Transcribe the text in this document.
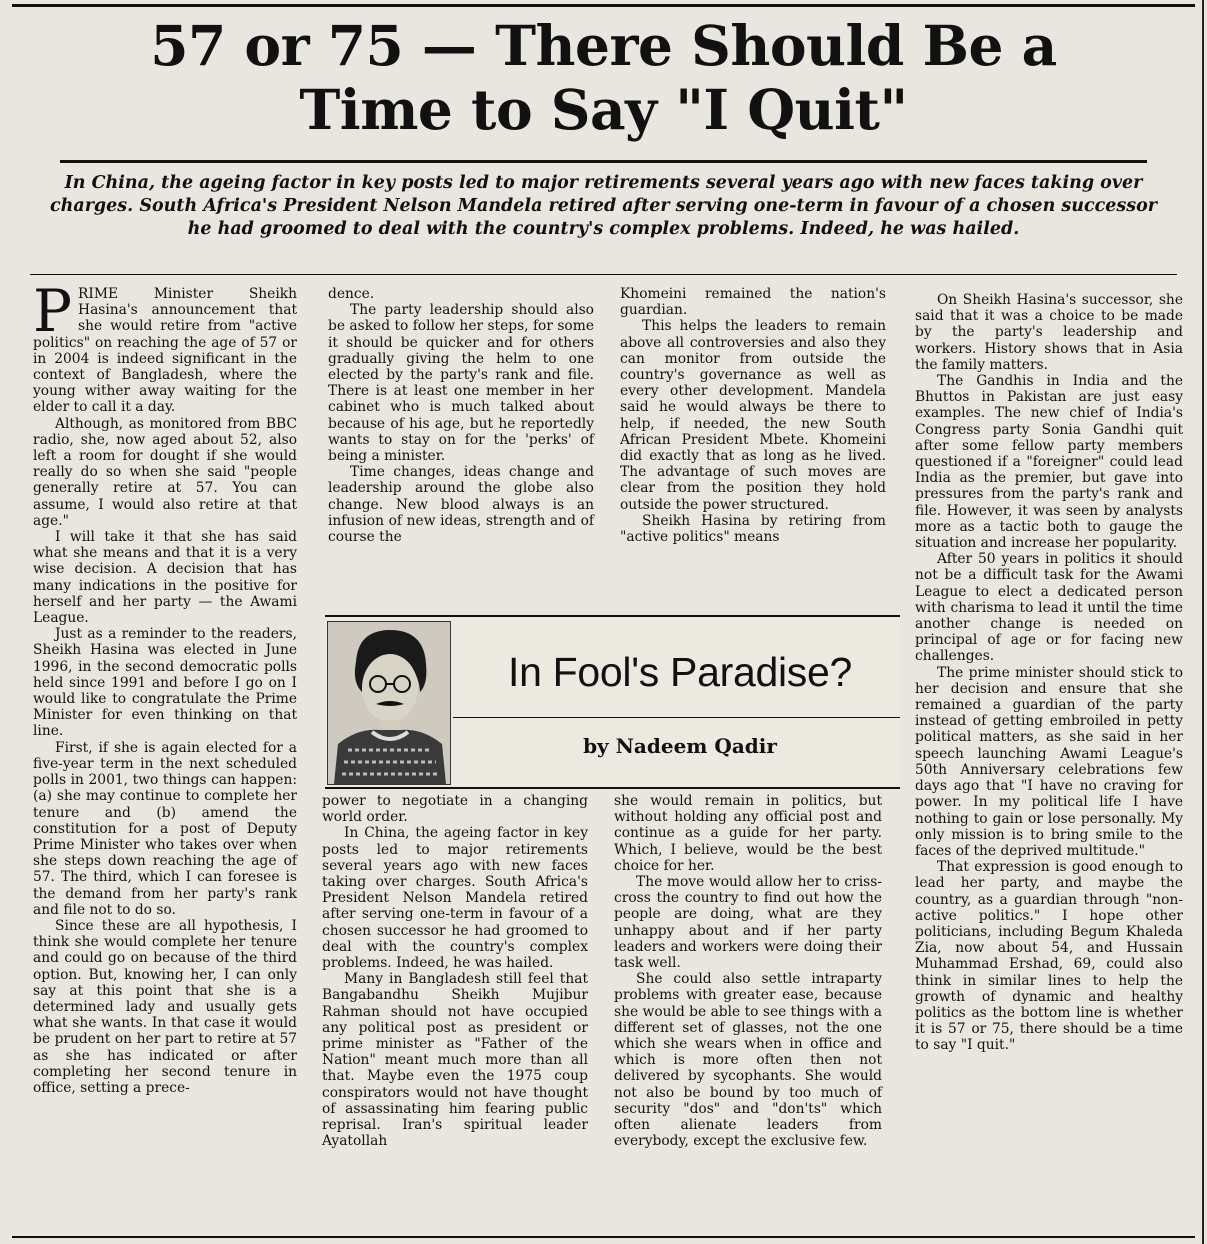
57 or 75 — There Should Be a
Time to Say "I Quit"
In China, the ageing factor in key posts led to major retirements several years ago with new faces taking over charges. South Africa's President Nelson Mandela retired after serving one-term in favour of a chosen successor he had groomed to deal with the country's complex problems. Indeed, he was hailed.

PRIME Minister Sheikh Hasina's announcement that she would retire from "active politics" on reaching the age of 57 or in 2004 is indeed significant in the context of Bangladesh, where the young wither away waiting for the elder to call it a day.

Although, as monitored from BBC radio, she, now aged about 52, also left a room for dought if she would really do so when she said "people generally retire at 57. You can assume, I would also retire at that age."

I will take it that she has said what she means and that it is a very wise decision. A decision that has many indications in the positive for herself and her party — the Awami League.

Just as a reminder to the readers, Sheikh Hasina was elected in June 1996, in the second democratic polls held since 1991 and before I go on I would like to congratulate the Prime Minister for even thinking on that line.

First, if she is again elected for a five-year term in the next scheduled polls in 2001, two things can happen: (a) she may continue to complete her tenure and (b) amend the constitution for a post of Deputy Prime Minister who takes over when she steps down reaching the age of 57. The third, which I can foresee is the demand from her party's rank and file not to do so.

Since these are all hypothesis, I think she would complete her tenure and could go on because of the third option. But, knowing her, I can only say at this point that she is a determined lady and usually gets what she wants. In that case it would be prudent on her part to retire at 57 as she has indicated or after completing her second tenure in office, setting a prece-

dence.

The party leadership should also be asked to follow her steps, for some it should be quicker and for others gradually giving the helm to one elected by the party's rank and file. There is at least one member in her cabinet who is much talked about because of his age, but he reportedly wants to stay on for the 'perks' of being a minister.

Time changes, ideas change and leadership around the globe also change. New blood always is an infusion of new ideas, strength and of course the

Khomeini remained the nation's guardian.

This helps the leaders to remain above all controversies and also they can monitor from outside the country's governance as well as every other development. Mandela said he would always be there to help, if needed, the new South African President Mbete. Khomeini did exactly that as long as he lived. The advantage of such moves are clear from the position they hold outside the power structured.

Sheikh Hasina by retiring from "active politics" means

On Sheikh Hasina's successor, she said that it was a choice to be made by the party's leadership and workers. History shows that in Asia the family matters.

The Gandhis in India and the Bhuttos in Pakistan are just easy examples. The new chief of India's Congress party Sonia Gandhi quit after some fellow party members questioned if a "foreigner" could lead India as the premier, but gave into pressures from the party's rank and file. However, it was seen by analysts more as a tactic both to gauge the situation and increase her popularity.

After 50 years in politics it should not be a difficult task for the Awami League to elect a dedicated person with charisma to lead it until the time another change is needed on principal of age or for facing new challenges.

The prime minister should stick to her decision and ensure that she remained a guardian of the party instead of getting embroiled in petty political matters, as she said in her speech launching Awami League's 50th Anniversary celebrations few days ago that "I have no craving for power. In my political life I have nothing to gain or lose personally. My only mission is to bring smile to the faces of the deprived multitude."

That expression is good enough to lead her party, and maybe the country, as a guardian through "non-active politics." I hope other politicians, including Begum Khaleda Zia, now about 54, and Hussain Muhammad Ershad, 69, could also think in similar lines to help the growth of dynamic and healthy politics as the bottom line is whether it is 57 or 75, there should be a time to say "I quit."

In Fool's Paradise?
by Nadeem Qadir

power to negotiate in a changing world order.

In China, the ageing factor in key posts led to major retirements several years ago with new faces taking over charges. South Africa's President Nelson Mandela retired after serving one-term in favour of a chosen successor he had groomed to deal with the country's complex problems. Indeed, he was hailed.

Many in Bangladesh still feel that Bangabandhu Sheikh Mujibur Rahman should not have occupied any political post as president or prime minister as "Father of the Nation" meant much more than all that. Maybe even the 1975 coup conspirators would not have thought of assassinating him fearing public reprisal. Iran's spiritual leader Ayatollah

she would remain in politics, but without holding any official post and continue as a guide for her party. Which, I believe, would be the best choice for her.

The move would allow her to criss-cross the country to find out how the people are doing, what are they unhappy about and if her party leaders and workers were doing their task well.

She could also settle intraparty problems with greater ease, because she would be able to see things with a different set of glasses, not the one which she wears when in office and which is more often then not delivered by sycophants. She would not also be bound by too much of security "dos" and "don'ts" which often alienate leaders from everybody, except the exclusive few.
